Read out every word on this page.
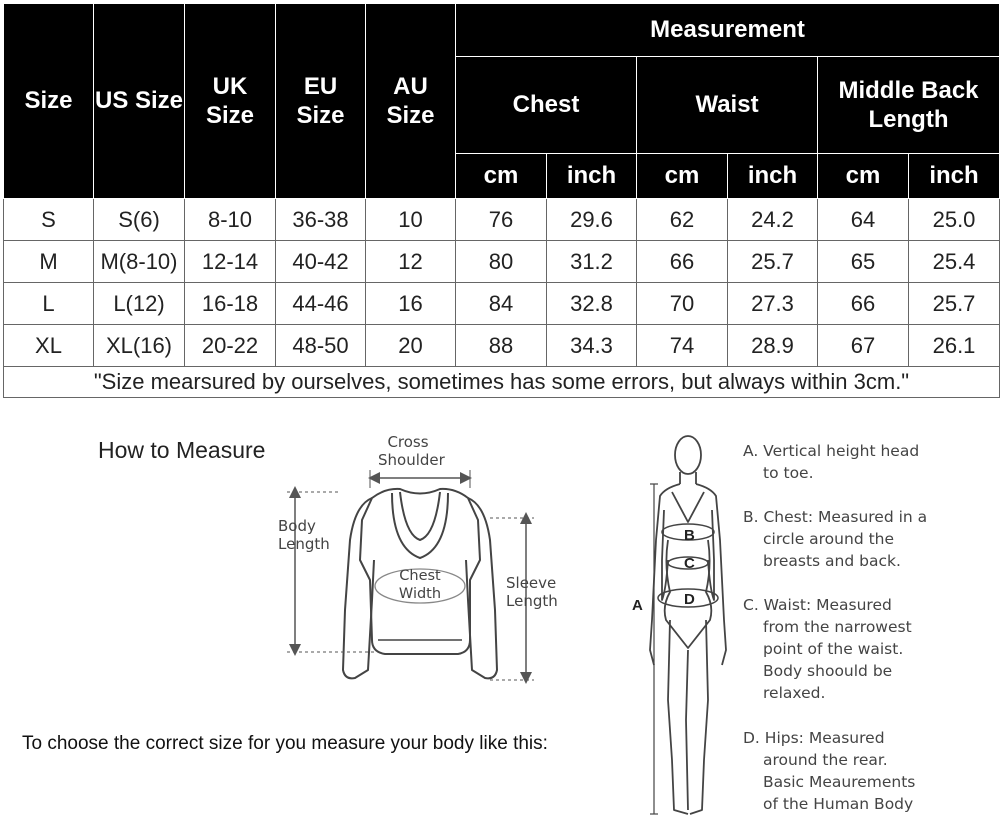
Size	US Size	UK Size	EU Size	AU Size	Measurement					
					Chest		Waist		Middle Back Length	
					cm	inch	cm	inch	cm	inch
S	S(6)	8-10	36-38	10	76	29.6	62	24.2	64	25.0
M	M(8-10)	12-14	40-42	12	80	31.2	66	25.7	65	25.4
L	L(12)	16-18	44-46	16	84	32.8	70	27.3	66	25.7
XL	XL(16)	20-22	48-50	20	88	34.3	74	28.9	67	26.1
"Size mearsured by ourselves, sometimes has some errors, but always within 3cm."										
How to Measure
A
B
C
D
Cross Shoulder
Body Length
Chest Width
Sleeve Length
To choose the correct size for you measure your body like this:
A. Vertical height head
to toe.
B. Chest: Measured in a
circle around the
breasts and back.
C. Waist: Measured
from the narrowest
point of the waist.
Body shoould be
relaxed.
D. Hips: Measured
around the rear.
Basic Meaurements
of the Human Body
